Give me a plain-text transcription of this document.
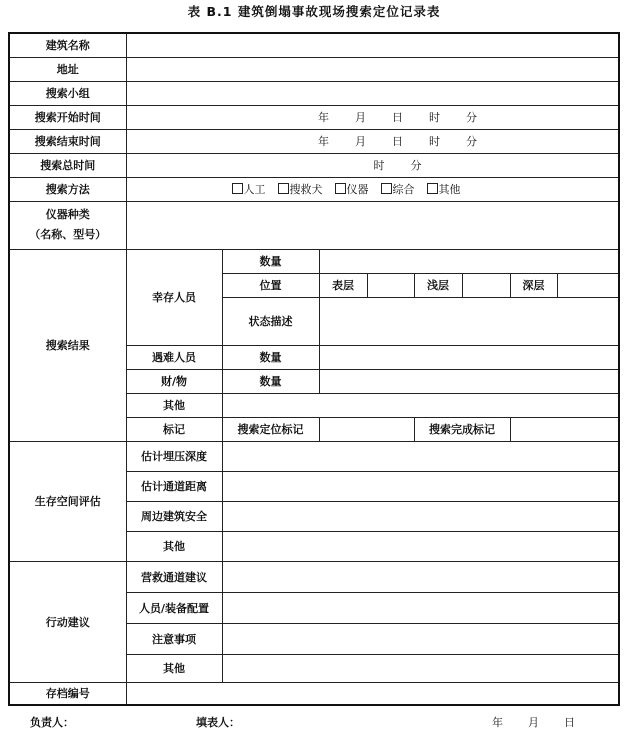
表 B.1 建筑倒塌事故现场搜索定位记录表
建筑名称								
地址								
搜索小组								
搜索开始时间	年 月 日 时 分							

搜索结束时间	年 月 日 时 分							

搜索总时间	时 分							

搜索方法	人工 搜救犬 仪器 综合 其他							

仪器种类
（名称、型号）								

搜索结果	幸存人员	数量						
		位置	表层		浅层		深层	
		状态描述						
	遇难人员	数量						
	财/物	数量						
	其他							
	标记	搜索定位标记			搜索完成标记			
生存空间评估	估计埋压深度							
	估计通道距离							
	周边建筑安全							
	其他							
行动建议	营救通道建议							
	人员/装备配置							
	注意事项							
	其他							
存档编号								
负责人：	填表人：	年 月 日
